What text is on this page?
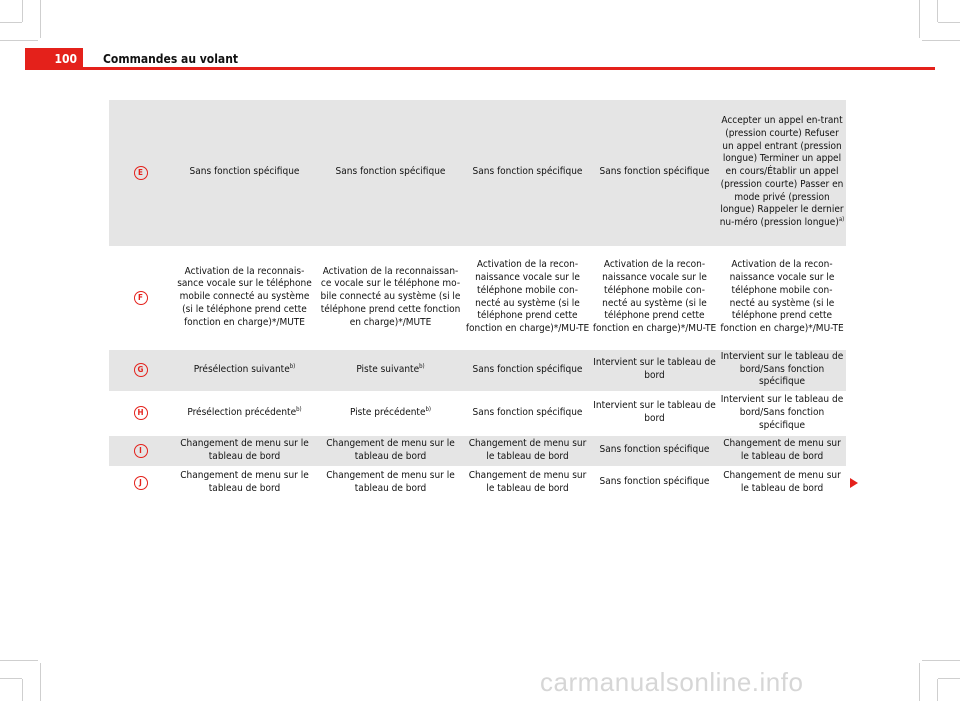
100	Commandes au volant
E	Sans fonction spécifique	Sans fonction spécifique	Sans fonction spécifique	Sans fonction spécifique	Accepter un appel en-trant (pression courte) Refuser un appel entrant (pression longue) Terminer un appel en cours/Établir un appel (pression courte) Passer en mode privé (pression longue) Rappeler le dernier nu-méro (pression longue)$^{a)}$
F	Activation de la reconnais-sance vocale sur le téléphone mobile connecté au système (si le téléphone prend cette fonction en charge)*/MUTE	Activation de la reconnaissan-ce vocale sur le téléphone mo-bile connecté au système (si le téléphone prend cette fonction en charge)*/MUTE	Activation de la recon-naissance vocale sur le téléphone mobile con-necté au système (si le téléphone prend cette fonction en charge)*/MU-TE	Activation de la recon-naissance vocale sur le téléphone mobile con-necté au système (si le téléphone prend cette fonction en charge)*/MU-TE	Activation de la recon-naissance vocale sur le téléphone mobile con-necté au système (si le téléphone prend cette fonction en charge)*/MU-TE
G	Présélection suivante$^{b)}$	Piste suivante$^{b)}$	Sans fonction spécifique	Intervient sur le tableau de bord	Intervient sur le tableau de bord/Sans fonction spécifique
H	Présélection précédente$^{b)}$	Piste précédente$^{b)}$	Sans fonction spécifique	Intervient sur le tableau de bord	Intervient sur le tableau de bord/Sans fonction spécifique
I	Changement de menu sur le tableau de bord	Changement de menu sur le tableau de bord	Changement de menu sur le tableau de bord	Sans fonction spécifique	Changement de menu sur le tableau de bord
J	Changement de menu sur le tableau de bord	Changement de menu sur le tableau de bord	Changement de menu sur le tableau de bord	Sans fonction spécifique	Changement de menu sur le tableau de bord
carmanualsonline.info
